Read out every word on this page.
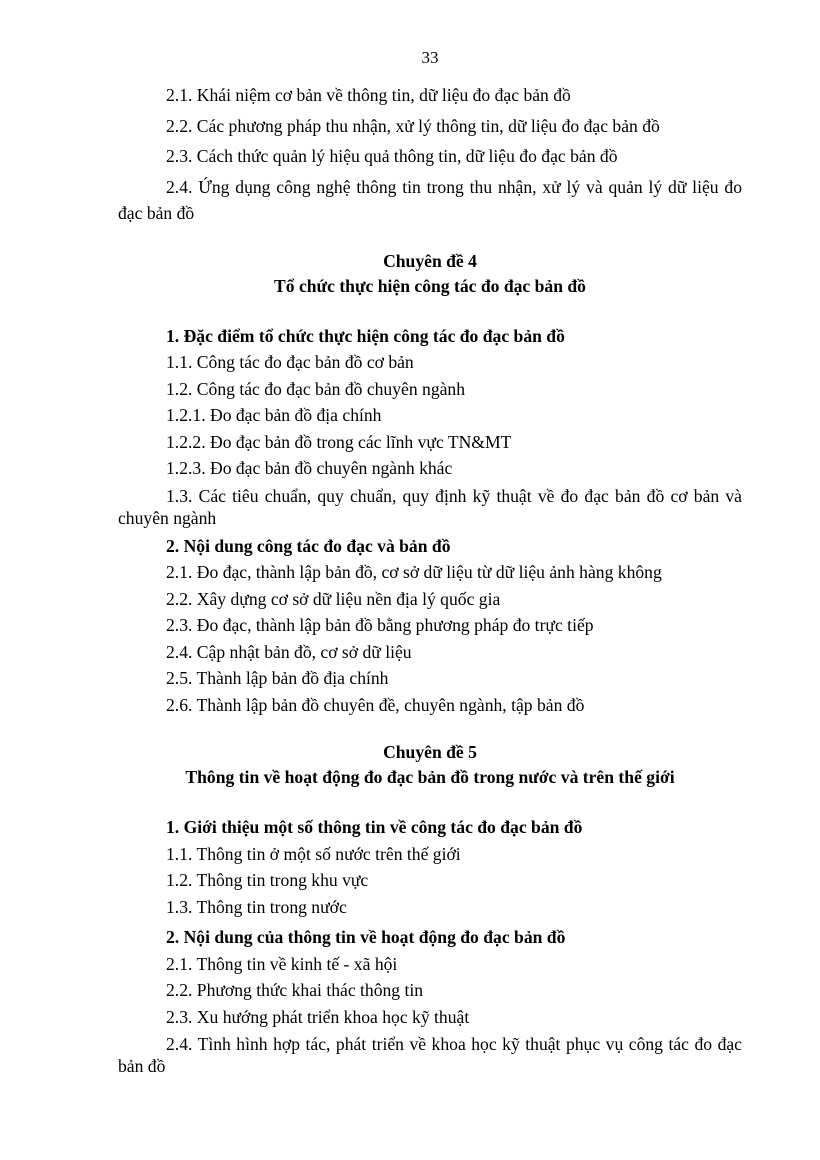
33

2.1. Khái niệm cơ bản về thông tin, dữ liệu đo đạc bản đồ

2.2. Các phương pháp thu nhận, xử lý thông tin, dữ liệu đo đạc bản đồ

2.3. Cách thức quản lý hiệu quả thông tin, dữ liệu đo đạc bản đồ

2.4. Ứng dụng công nghệ thông tin trong thu nhận, xử lý và quản lý dữ liệu đo đạc bản đồ

Chuyên đề 4

Tổ chức thực hiện công tác đo đạc bản đồ

1. Đặc điểm tổ chức thực hiện công tác đo đạc bản đồ

1.1. Công tác đo đạc bản đồ cơ bản

1.2. Công tác đo đạc bản đồ chuyên ngành

1.2.1. Đo đạc bản đồ địa chính

1.2.2. Đo đạc bản đồ trong các lĩnh vực TN&MT

1.2.3. Đo đạc bản đồ chuyên ngành khác

1.3. Các tiêu chuẩn, quy chuẩn, quy định kỹ thuật về đo đạc bản đồ cơ bản và chuyên ngành

2. Nội dung công tác đo đạc và bản đồ

2.1. Đo đạc, thành lập bản đồ, cơ sở dữ liệu từ dữ liệu ảnh hàng không

2.2. Xây dựng cơ sở dữ liệu nền địa lý quốc gia

2.3. Đo đạc, thành lập bản đồ bằng phương pháp đo trực tiếp

2.4. Cập nhật bản đồ, cơ sở dữ liệu

2.5. Thành lập bản đồ địa chính

2.6. Thành lập bản đồ chuyên đề, chuyên ngành, tập bản đồ

Chuyên đề 5

Thông tin về hoạt động đo đạc bản đồ trong nước và trên thế giới

1. Giới thiệu một số thông tin về công tác đo đạc bản đồ

1.1. Thông tin ở một số nước trên thế giới

1.2. Thông tin trong khu vực

1.3. Thông tin trong nước

2. Nội dung của thông tin về hoạt động đo đạc bản đồ

2.1. Thông tin về kinh tế - xã hội

2.2. Phương thức khai thác thông tin

2.3. Xu hướng phát triển khoa học kỹ thuật

2.4. Tình hình hợp tác, phát triển về khoa học kỹ thuật phục vụ công tác đo đạc bản đồ
